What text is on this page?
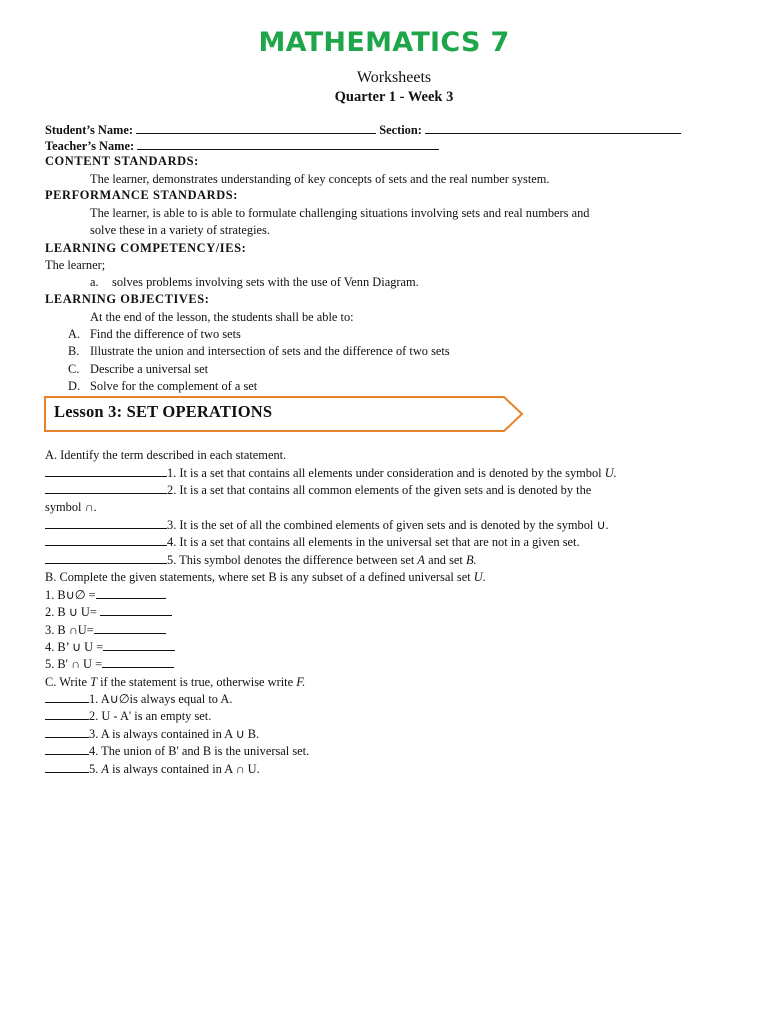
MATHEMATICS 7
Worksheets
Quarter 1 - Week 3
Student’s Name:	Section:
Teacher’s Name:
CONTENT STANDARDS:
The learner, demonstrates understanding of key concepts of sets and the real number system.
PERFORMANCE STANDARDS:
The learner, is able to is able to formulate challenging situations involving sets and real numbers and
solve these in a variety of strategies.
LEARNING COMPETENCY/IES:
The learner;
a. solves problems involving sets with the use of Venn Diagram.
LEARNING OBJECTIVES:
At the end of the lesson, the students shall be able to:
A. Find the difference of two sets
B. Illustrate the union and intersection of sets and the difference of two sets
C. Describe a universal set
D. Solve for the complement of a set
Lesson 3: SET OPERATIONS
A. Identify the term described in each statement.
1. It is a set that contains all elements under consideration and is denoted by the symbol U.
2. It is a set that contains all common elements of the given sets and is denoted by the
symbol ∩.
3. It is the set of all the combined elements of given sets and is denoted by the symbol ∪.
4. It is a set that contains all elements in the universal set that are not in a given set.
5. This symbol denotes the difference between set A and set B.
B. Complete the given statements, where set B is any subset of a defined universal set U.
1. B∪∅ =
2. B ∪ U=
3. B ∩U=
4. B’ ∪ U =
5. B' ∩ U =
C. Write T if the statement is true, otherwise write F.
1. A∪∅is always equal to A.
2. U - A' is an empty set.
3. A is always contained in A ∪ B.
4. The union of B' and B is the universal set.
5. A is always contained in A ∩ U.
